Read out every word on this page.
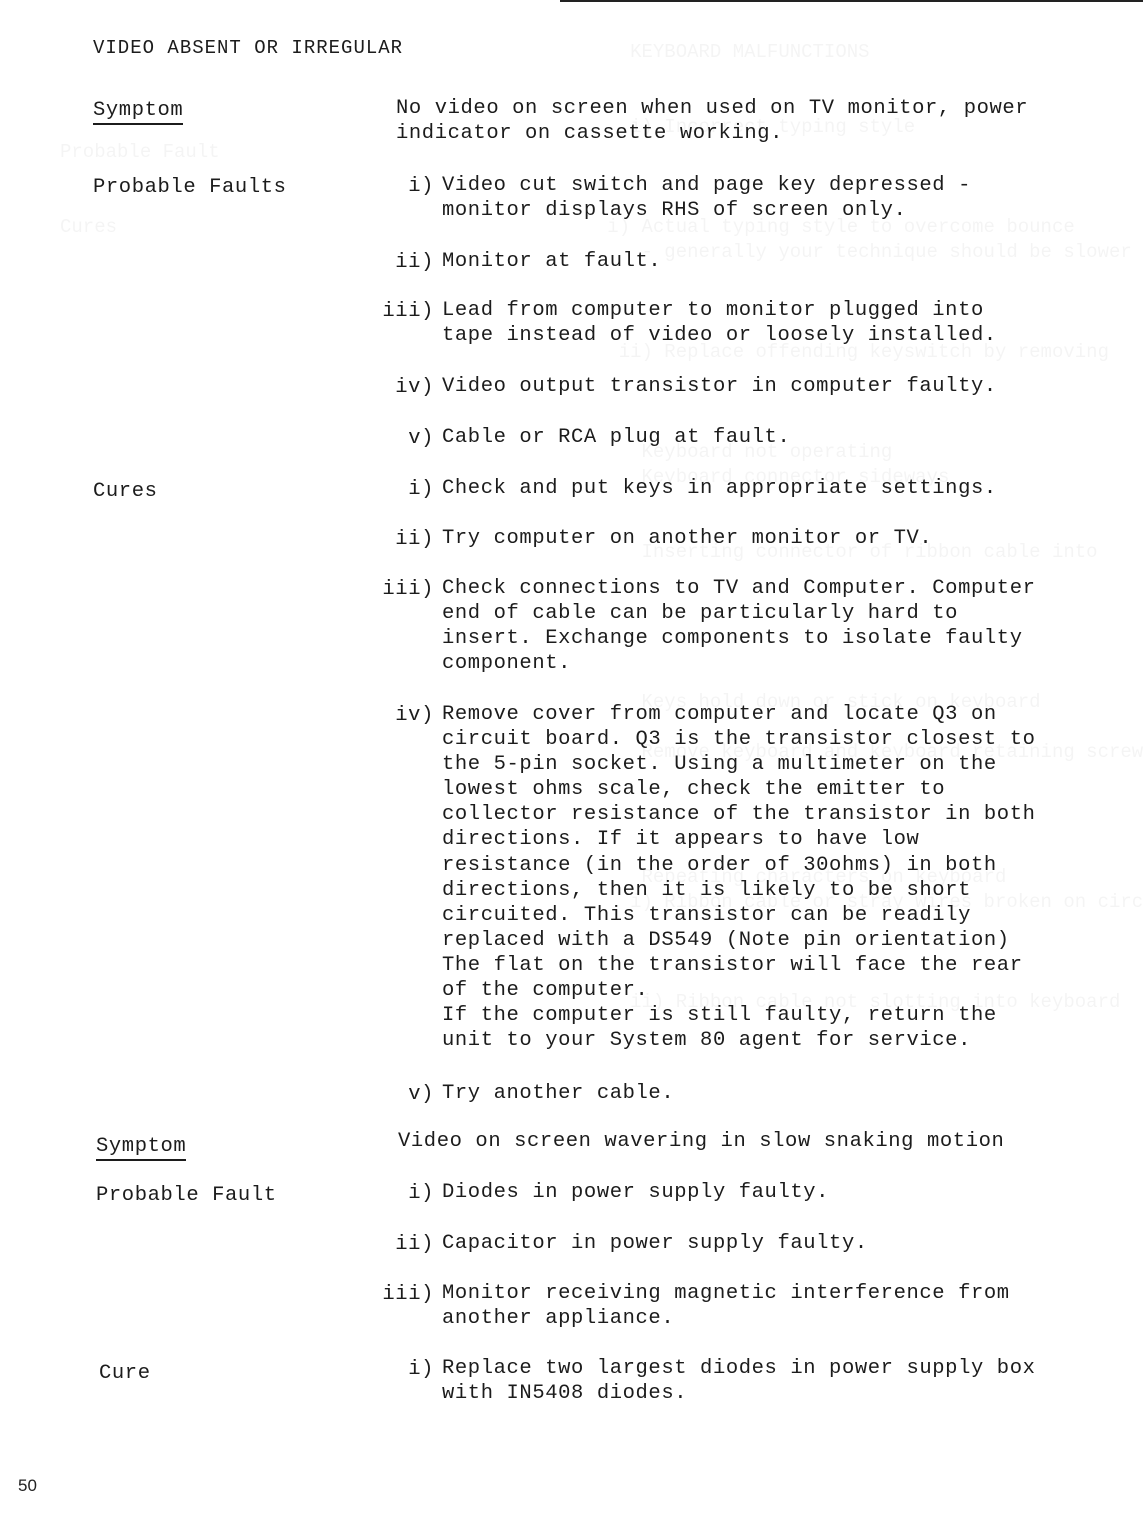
VIDEO ABSENT OR IRREGULAR
Symptom	No video on screen when used on TV monitor, power
indicator on cassette working.
Probable Faults	i) Video cut switch and page key depressed -
monitor displays RHS of screen only.
ii) Monitor at fault.
iii) Lead from computer to monitor plugged into
tape instead of video or loosely installed.
iv) Video output transistor in computer faulty.
v) Cable or RCA plug at fault.
Cures	i) Check and put keys in appropriate settings.
ii) Try computer on another monitor or TV.
iii) Check connections to TV and Computer. Computer
end of cable can be particularly hard to
insert. Exchange components to isolate faulty
component.
iv) Remove cover from computer and locate Q3 on
circuit board. Q3 is the transistor closest to
the 5-pin socket. Using a multimeter on the
lowest ohms scale, check the emitter to
collector resistance of the transistor in both
directions. If it appears to have low
resistance (in the order of 30ohms) in both
directions, then it is likely to be short
circuited. This transistor can be readily
replaced with a DS549 (Note pin orientation)
The flat on the transistor will face the rear
of the computer.
If the computer is still faulty, return the
unit to your System 80 agent for service.
v) Try another cable.
Symptom	Video on screen wavering in slow snaking motion
Probable Fault	i) Diodes in power supply faulty.
ii) Capacitor in power supply faulty.
iii) Monitor receiving magnetic interference from
another appliance.
Cure	i) Replace two largest diodes in power supply box
with IN5408 diodes.
50
